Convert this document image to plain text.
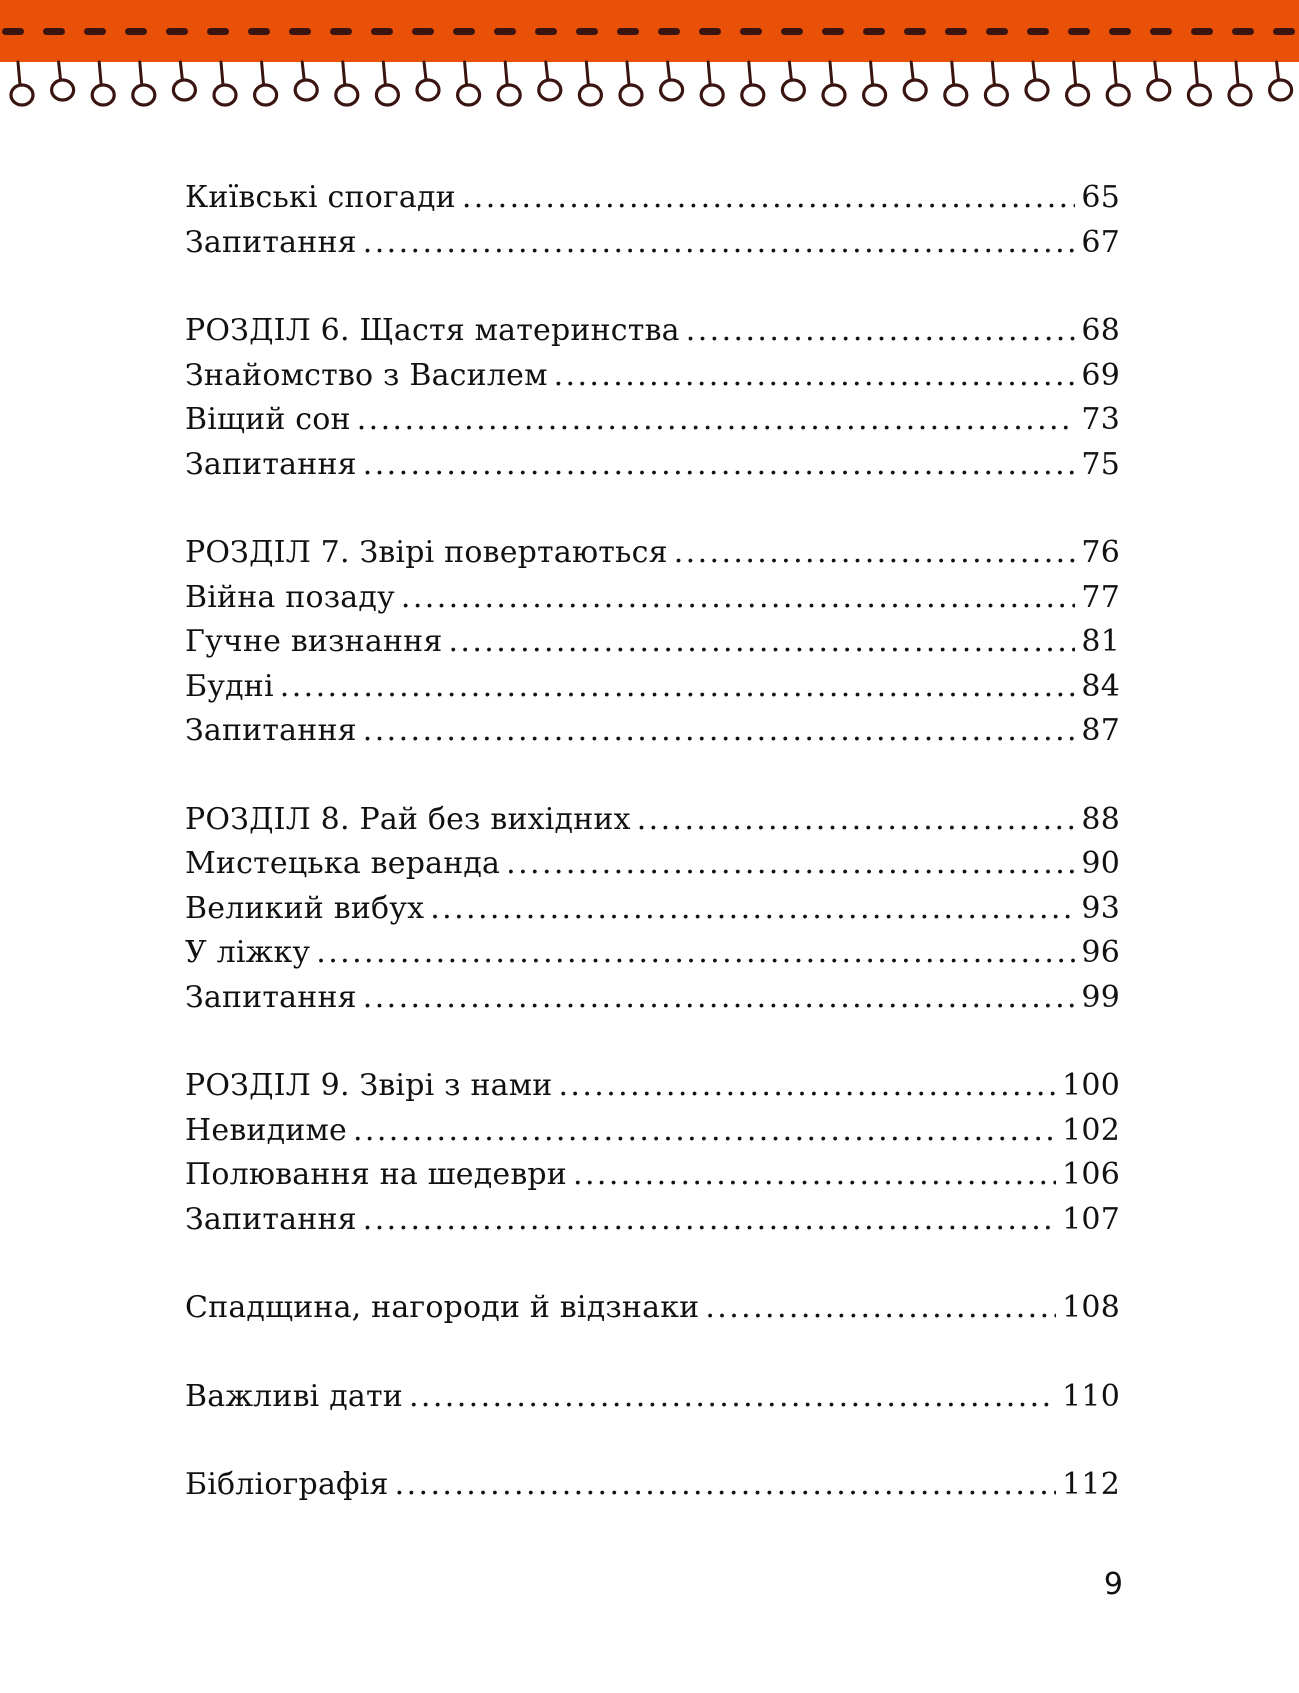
Київські спогади .....	65
Запитання .....	67
РОЗДІЛ 6. Щастя материнства .....	68
Знайомство з Василем .....	69
Віщий сон .....	73
Запитання .....	75
РОЗДІЛ 7. Звірі повертаються .....	76
Війна позаду .....	77
Гучне визнання .....	81
Будні .....	84
Запитання .....	87
РОЗДІЛ 8. Рай без вихідних .....	88
Мистецька веранда .....	90
Великий вибух .....	93
У ліжку .....	96
Запитання .....	99
РОЗДІЛ 9. Звірі з нами .....	100
Невидиме .....	102
Полювання на шедеври .....	106
Запитання .....	107
Спадщина, нагороди й відзнаки .....	108
Важливі дати .....	110
Бібліографія .....	112
9
